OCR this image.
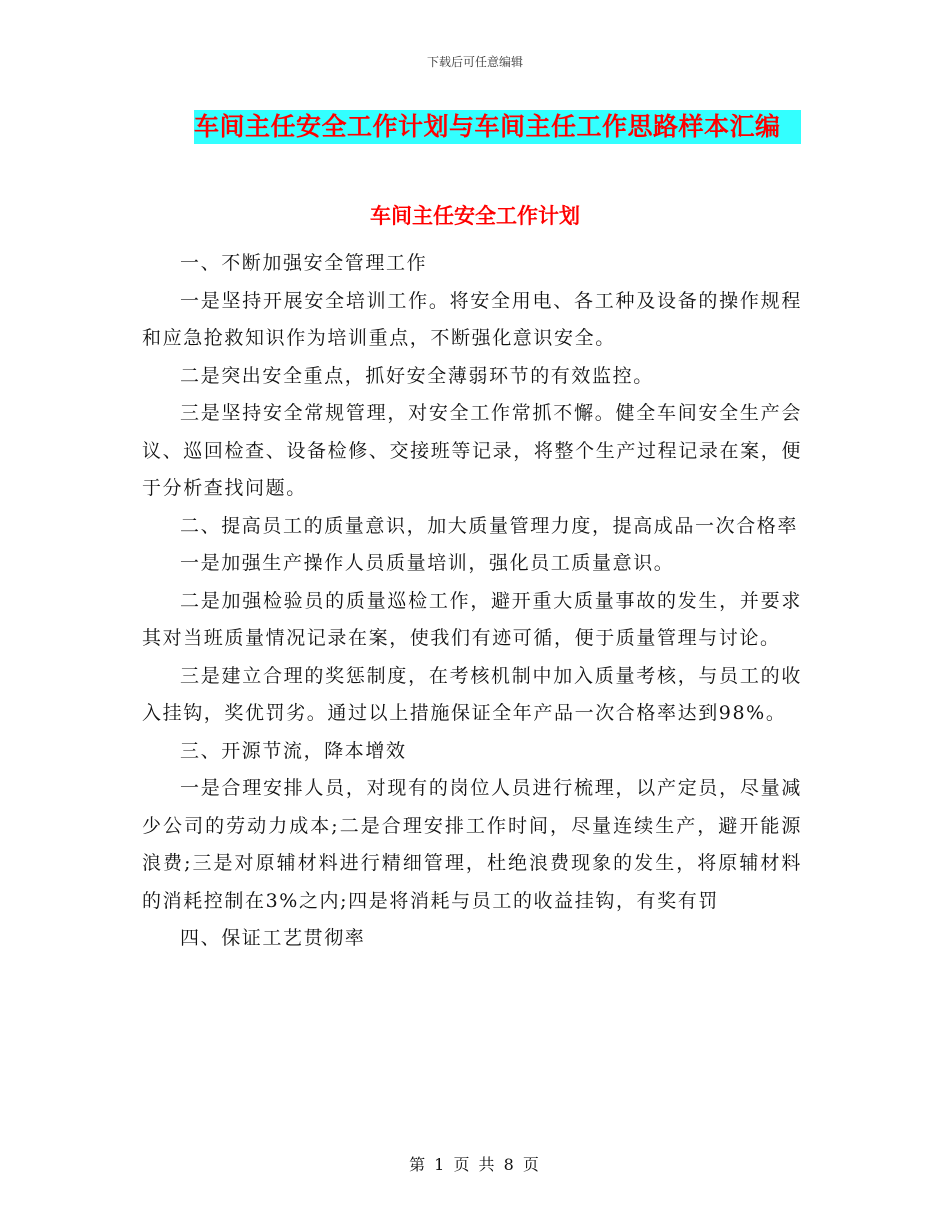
下载后可任意编辑
车间主任安全工作计划与车间主任工作思路样本汇编
车间主任安全工作计划

一、不断加强安全管理工作

一是坚持开展安全培训工作。将安全用电、各工种及设备的操作规程和应急抢救知识作为培训重点，不断强化意识安全。

二是突出安全重点，抓好安全薄弱环节的有效监控。

三是坚持安全常规管理，对安全工作常抓不懈。健全车间安全生产会议、巡回检查、设备检修、交接班等记录，将整个生产过程记录在案，便于分析查找问题。

二、提高员工的质量意识，加大质量管理力度，提高成品一次合格率

一是加强生产操作人员质量培训，强化员工质量意识。

二是加强检验员的质量巡检工作，避开重大质量事故的发生，并要求其对当班质量情况记录在案，使我们有迹可循，便于质量管理与讨论。

三是建立合理的奖惩制度，在考核机制中加入质量考核，与员工的收入挂钩，奖优罚劣。通过以上措施保证全年产品一次合格率达到98%。

三、开源节流，降本增效

一是合理安排人员，对现有的岗位人员进行梳理，以产定员，尽量减少公司的劳动力成本;二是合理安排工作时间，尽量连续生产，避开能源浪费;三是对原辅材料进行精细管理，杜绝浪费现象的发生，将原辅材料的消耗控制在3%之内;四是将消耗与员工的收益挂钩，有奖有罚

四、保证工艺贯彻率

第 1 页 共 8 页
